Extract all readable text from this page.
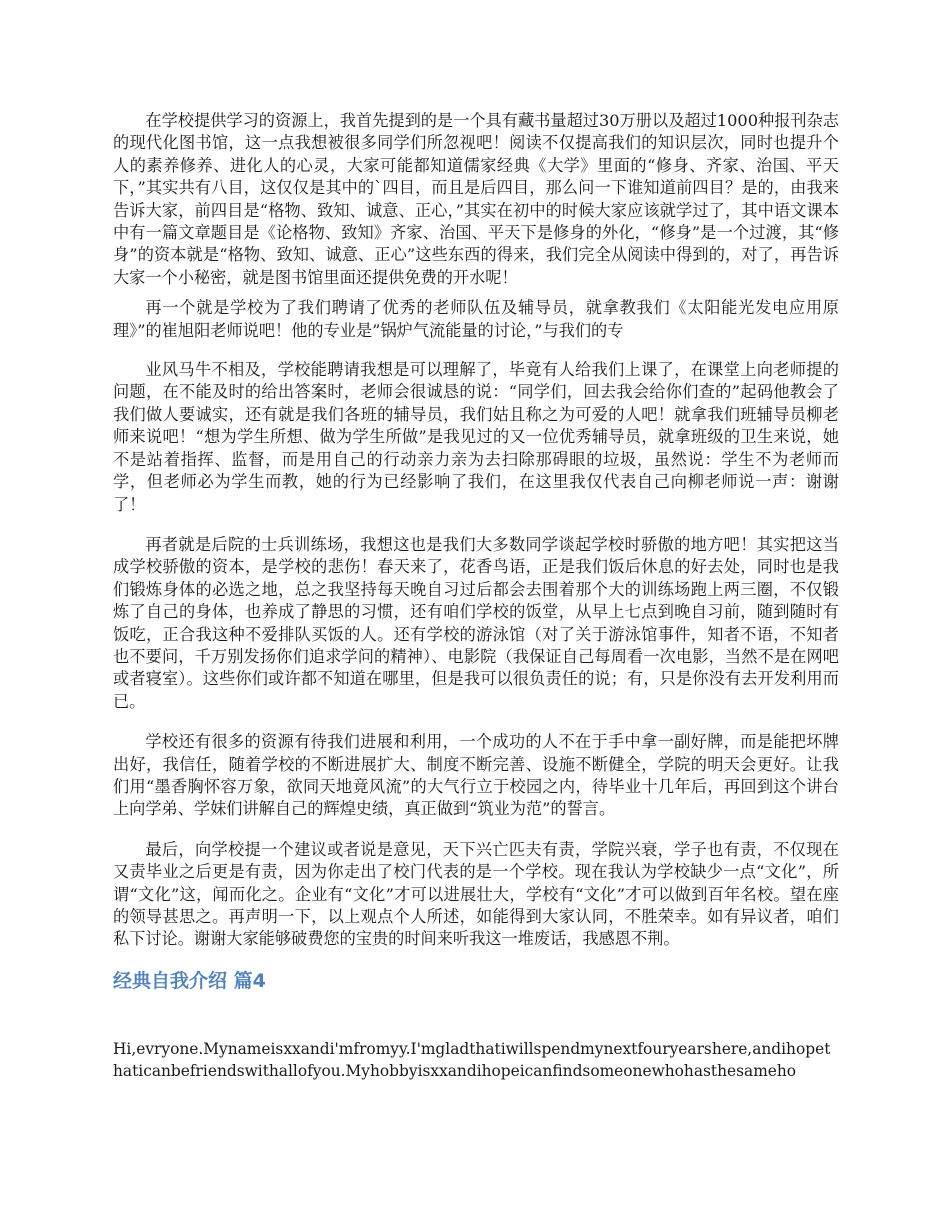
在学校提供学习的资源上，我首先提到的是一个具有藏书量超过30万册以及超过1000种报刊杂志的现代化图书馆，这一点我想被很多同学们所忽视吧！阅读不仅提高我们的知识层次，同时也提升个人的素养修养、进化人的心灵，大家可能都知道儒家经典《大学》里面的“修身、齐家、治国、平天下，”其实共有八目，这仅仅是其中的`四目，而且是后四目，那么问一下谁知道前四目？是的，由我来告诉大家，前四目是“格物、致知、诚意、正心，”其实在初中的时候大家应该就学过了，其中语文课本中有一篇文章题目是《论格物、致知》齐家、治国、平天下是修身的外化，“修身”是一个过渡，其“修身”的资本就是“格物、致知、诚意、正心”这些东西的得来，我们完全从阅读中得到的，对了，再告诉大家一个小秘密，就是图书馆里面还提供免费的开水呢！

再一个就是学校为了我们聘请了优秀的老师队伍及辅导员，就拿教我们《太阳能光发电应用原理》”的崔旭阳老师说吧！他的专业是”锅炉气流能量的讨论，”与我们的专

业风马牛不相及，学校能聘请我想是可以理解了，毕竟有人给我们上课了，在课堂上向老师提的问题，在不能及时的给出答案时，老师会很诚恳的说：“同学们，回去我会给你们查的”起码他教会了我们做人要诚实，还有就是我们各班的辅导员，我们姑且称之为可爱的人吧！就拿我们班辅导员柳老师来说吧！“想为学生所想、做为学生所做”是我见过的又一位优秀辅导员，就拿班级的卫生来说，她不是站着指挥、监督，而是用自己的行动亲力亲为去扫除那碍眼的垃圾，虽然说：学生不为老师而学，但老师必为学生而教，她的行为已经影响了我们，在这里我仅代表自己向柳老师说一声：谢谢了！

再者就是后院的士兵训练场，我想这也是我们大多数同学谈起学校时骄傲的地方吧！其实把这当成学校骄傲的资本，是学校的悲伤！春天来了，花香鸟语，正是我们饭后休息的好去处，同时也是我们锻炼身体的必选之地，总之我坚持每天晚自习过后都会去围着那个大的训练场跑上两三圈，不仅锻炼了自己的身体，也养成了静思的习惯，还有咱们学校的饭堂，从早上七点到晚自习前，随到随时有饭吃，正合我这种不爱排队买饭的人。还有学校的游泳馆（对了关于游泳馆事件，知者不语，不知者也不要问，千万别发扬你们追求学问的精神）、电影院（我保证自己每周看一次电影，当然不是在网吧或者寝室）。这些你们或许都不知道在哪里，但是我可以很负责任的说；有，只是你没有去开发利用而已。

学校还有很多的资源有待我们进展和利用，一个成功的人不在于手中拿一副好牌，而是能把坏牌出好，我信任，随着学校的不断进展扩大、制度不断完善、设施不断健全，学院的明天会更好。让我们用“墨香胸怀容万象，欲同天地竟风流”的大气行立于校园之内，待毕业十几年后，再回到这个讲台上向学弟、学妹们讲解自己的辉煌史绩，真正做到“筑业为范”的誓言。

最后，向学校提一个建议或者说是意见，天下兴亡匹夫有责，学院兴衰，学子也有责，不仅现在又责毕业之后更是有责，因为你走出了校门代表的是一个学校。现在我认为学校缺少一点“文化”，所谓“文化”这，闻而化之。企业有“文化”才可以进展壮大，学校有“文化”才可以做到百年名校。望在座的领导甚思之。再声明一下，以上观点个人所述，如能得到大家认同，不胜荣幸。如有异议者，咱们私下讨论。谢谢大家能够破费您的宝贵的时间来听我这一堆废话，我感恩不荆。

经典自我介绍 篇4

Hi,evryone.Mynameisxxandi'mfromyy.I'mgladthatiwillspendmynextfouryearshere,andihopethaticanbefriendswithallofyou.Myhobbyisxxandihopeicanfindsomeonewhohasthesameho
